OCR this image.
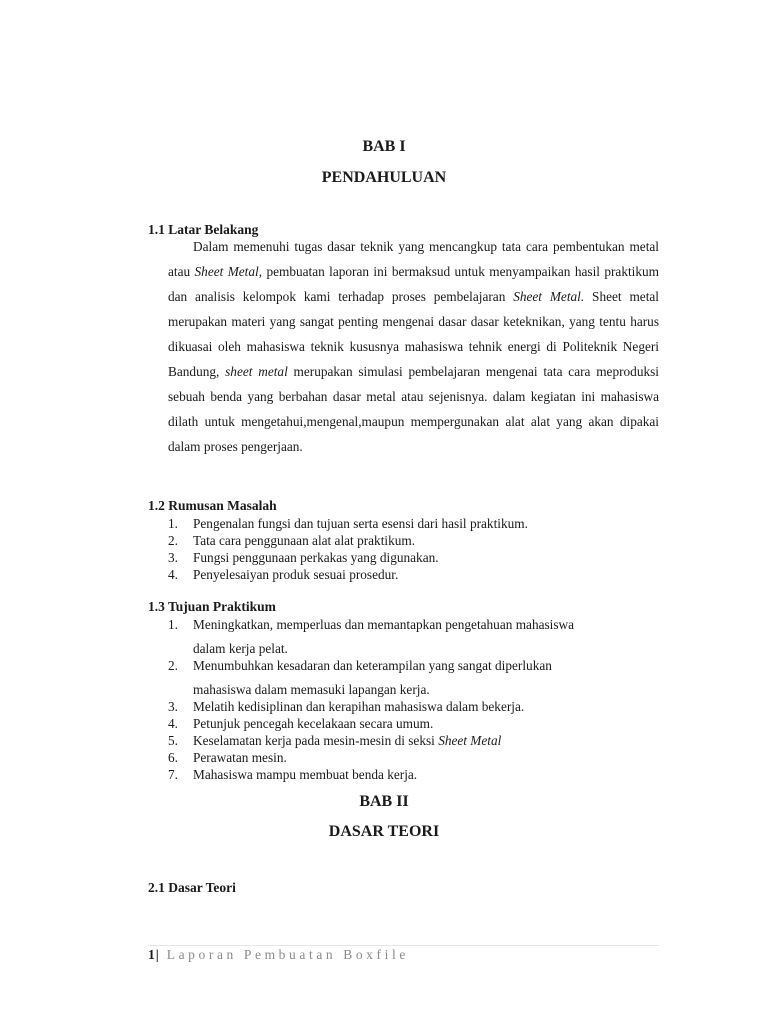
BAB I
PENDAHULUAN
1.1 Latar Belakang

Dalam memenuhi tugas dasar teknik yang mencangkup tata cara pembentukan metal atau Sheet Metal, pembuatan laporan ini bermaksud untuk menyampaikan hasil praktikum dan analisis kelompok kami terhadap proses pembelajaran Sheet Metal. Sheet metal merupakan materi yang sangat penting mengenai dasar dasar keteknikan, yang tentu harus dikuasai oleh mahasiswa teknik kususnya mahasiswa tehnik energi di Politeknik Negeri Bandung, sheet metal merupakan simulasi pembelajaran mengenai tata cara meproduksi sebuah benda yang berbahan dasar metal atau sejenisnya. dalam kegiatan ini mahasiswa dilath untuk mengetahui,mengenal,maupun mempergunakan alat alat yang akan dipakai dalam proses pengerjaan.

1.2 Rumusan Masalah
1. Pengenalan fungsi dan tujuan serta esensi dari hasil praktikum.
2. Tata cara penggunaan alat alat praktikum.
3. Fungsi penggunaan perkakas yang digunakan.
4. Penyelesaiyan produk sesuai prosedur.
1.3 Tujuan Praktikum
1. Meningkatkan, memperluas dan memantapkan pengetahuan mahasiswa
dalam kerja pelat.
2. Menumbuhkan kesadaran dan keterampilan yang sangat diperlukan
mahasiswa dalam memasuki lapangan kerja.
3. Melatih kedisiplinan dan kerapihan mahasiswa dalam bekerja.
4. Petunjuk pencegah kecelakaan secara umum.
5. Keselamatan kerja pada mesin-mesin di seksi Sheet Metal
6. Perawatan mesin.
7. Mahasiswa mampu membuat benda kerja.
BAB II
DASAR TEORI
2.1 Dasar Teori
1| Laporan Pembuatan Boxfile
